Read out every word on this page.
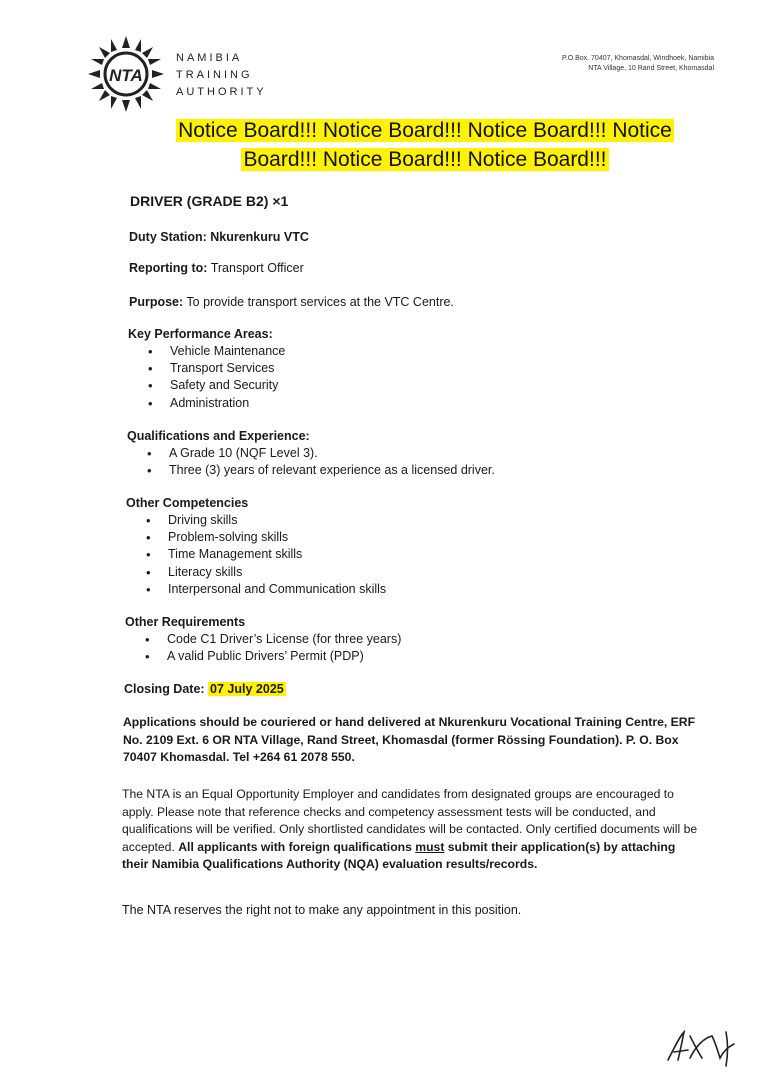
NTA
NAMIBIA
TRAINING
AUTHORITY
P.O.Box. 70407, Khomasdal, Windhoek, Namibia
NTA Village, 10 Rand Street, Khomasdal
Notice Board!!! Notice Board!!! Notice Board!!! Notice
Board!!! Notice Board!!! Notice Board!!!
DRIVER (GRADE B2) ×1
Duty Station: Nkurenkuru VTC
Reporting to: Transport Officer
Purpose: To provide transport services at the VTC Centre.
Key Performance Areas:
• Vehicle Maintenance
• Transport Services
• Safety and Security
• Administration
Qualifications and Experience:
• A Grade 10 (NQF Level 3).
• Three (3) years of relevant experience as a licensed driver.
Other Competencies
• Driving skills
• Problem-solving skills
• Time Management skills
• Literacy skills
• Interpersonal and Communication skills
Other Requirements
• Code C1 Driver’s License (for three years)
• A valid Public Drivers’ Permit (PDP)
Closing Date: 07 July 2025
Applications should be couriered or hand delivered at Nkurenkuru Vocational Training Centre, ERF No. 2109 Ext. 6 OR NTA Village, Rand Street, Khomasdal (former Rössing Foundation). P. O. Box 70407 Khomasdal. Tel +264 61 2078 550.
The NTA is an Equal Opportunity Employer and candidates from designated groups are encouraged to apply. Please note that reference checks and competency assessment tests will be conducted, and qualifications will be verified. Only shortlisted candidates will be contacted. Only certified documents will be accepted. All applicants with foreign qualifications must submit their application(s) by attaching their Namibia Qualifications Authority (NQA) evaluation results/records.
The NTA reserves the right not to make any appointment in this position.
